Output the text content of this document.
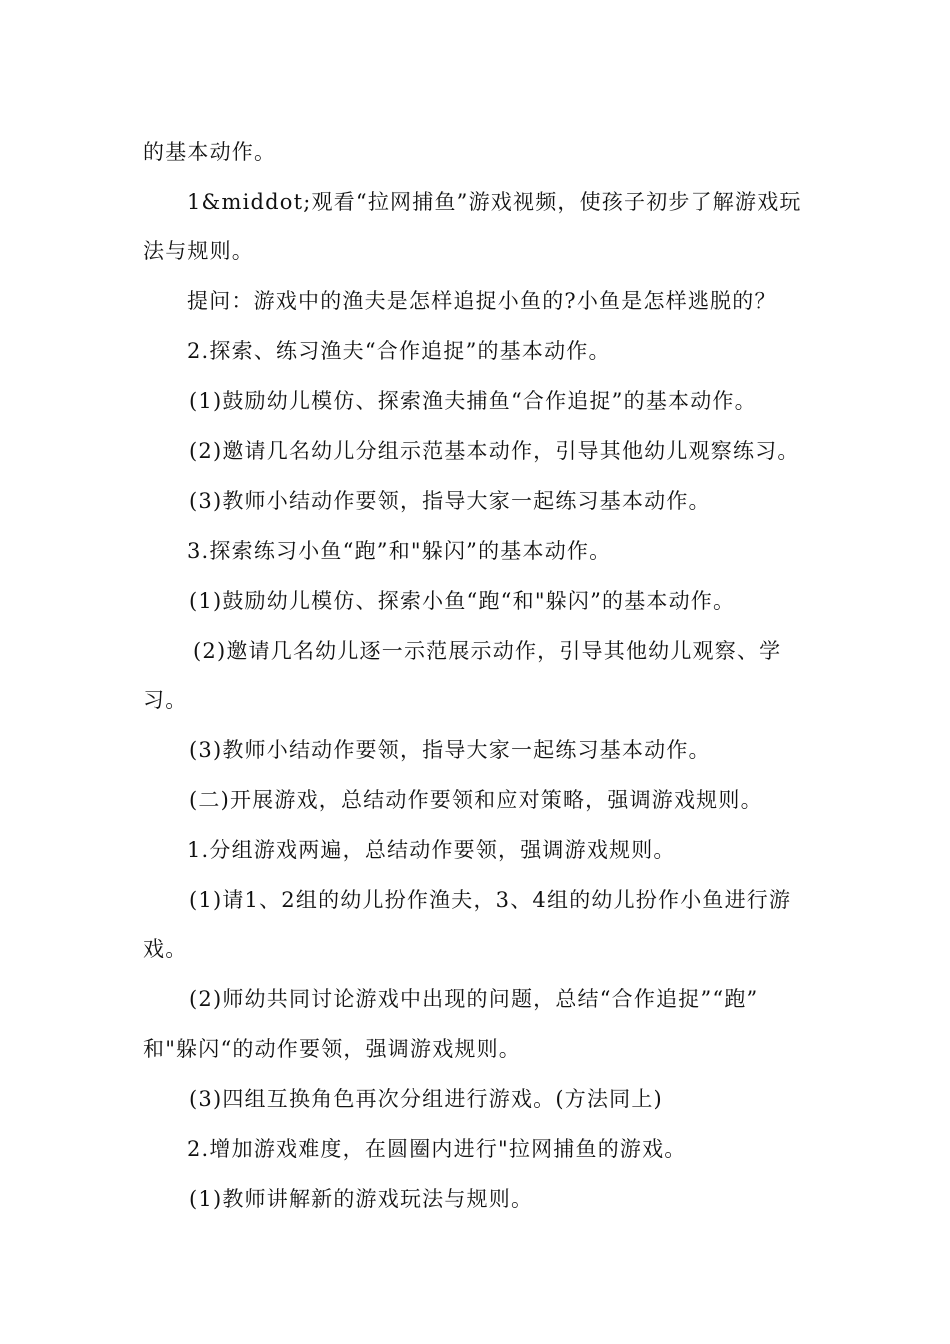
的基本动作。
1&middot;观看“拉网捕鱼”游戏视频，使孩子初步了解游戏玩
法与规则。
提问：游戏中的渔夫是怎样追捉小鱼的?小鱼是怎样逃脱的？
2.探索、练习渔夫“合作追捉”的基本动作。
(1)鼓励幼儿模仿、探索渔夫捕鱼“合作追捉”的基本动作。
(2)邀请几名幼儿分组示范基本动作，引导其他幼儿观察练习。
(3)教师小结动作要领，指导大家一起练习基本动作。
3.探索练习小鱼“跑”和"躲闪”的基本动作。
(1)鼓励幼儿模仿、探索小鱼“跑“和"躲闪”的基本动作。
(2)邀请几名幼儿逐一示范展示动作，引导其他幼儿观察、学
习。
(3)教师小结动作要领，指导大家一起练习基本动作。
(二)开展游戏，总结动作要领和应对策略，强调游戏规则。
1.分组游戏两遍，总结动作要领，强调游戏规则。
(1)请1、2组的幼儿扮作渔夫，3、4组的幼儿扮作小鱼进行游
戏。
(2)师幼共同讨论游戏中出现的问题，总结“合作追捉”“跑”
和"躲闪“的动作要领，强调游戏规则。
(3)四组互换角色再次分组进行游戏。(方法同上)
2.增加游戏难度，在圆圈内进行"拉网捕鱼的游戏。
(1)教师讲解新的游戏玩法与规则。
